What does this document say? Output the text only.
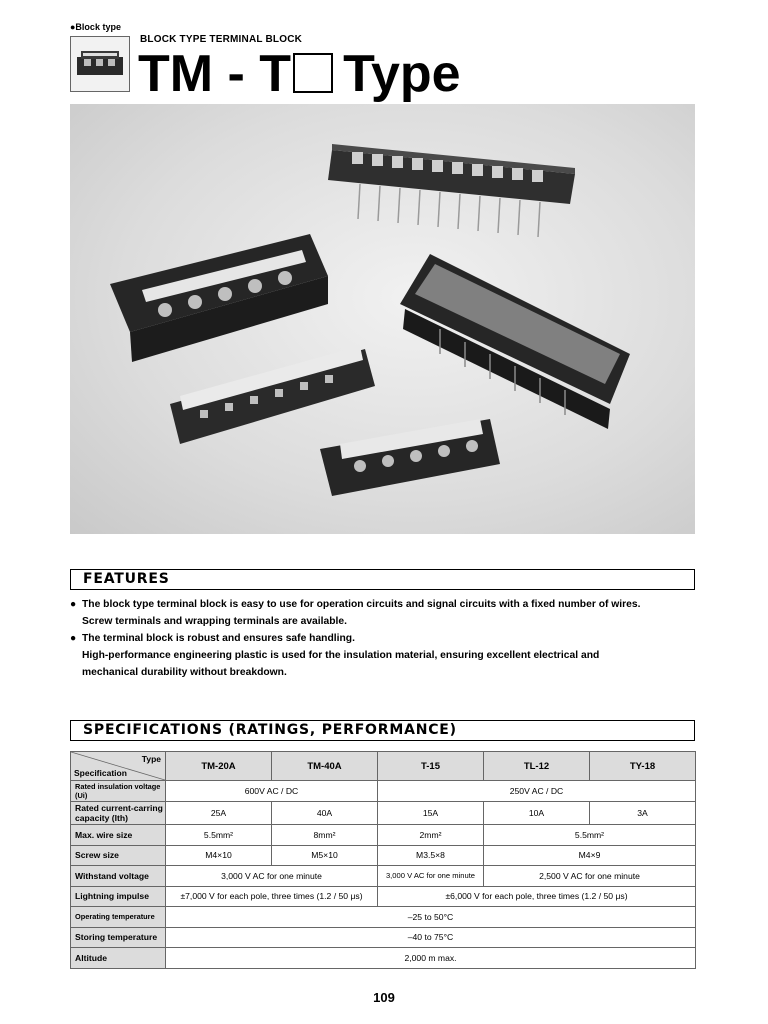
●Block type
BLOCK TYPE TERMINAL BLOCK
TM - T Type
FEATURES
● The block type terminal block is easy to use for operation circuits and signal circuits with a fixed number of wires.
Screw terminals and wrapping terminals are available.
● The terminal block is robust and ensures safe handling.
High-performance engineering plastic is used for the insulation material, ensuring excellent electrical and
mechanical durability without breakdown.
SPECIFICATIONS (RATINGS, PERFORMANCE)
Type
Specification	TM-20A	TM-40A	T-15	TL-12	TY-18
Rated insulation voltage (Ui)	600V AC / DC		250V AC / DC		
Rated current-carring capacity (Ith)	25A	40A	15A	10A	3A
Max. wire size	5.5mm²	8mm²	2mm²	5.5mm²	
Screw size	M4×10	M5×10	M3.5×8	M4×9	
Withstand voltage	3,000 V AC for one minute		3,000 V AC for one minute	2,500 V AC for one minute	
Lightning impulse	±7,000 V for each pole, three times (1.2 / 50 μs)		±6,000 V for each pole, three times (1.2 / 50 μs)		
Operating temperature	–25 to 50°C				
Storing temperature	–40 to 75°C				
Altitude	2,000 m max.				
109
